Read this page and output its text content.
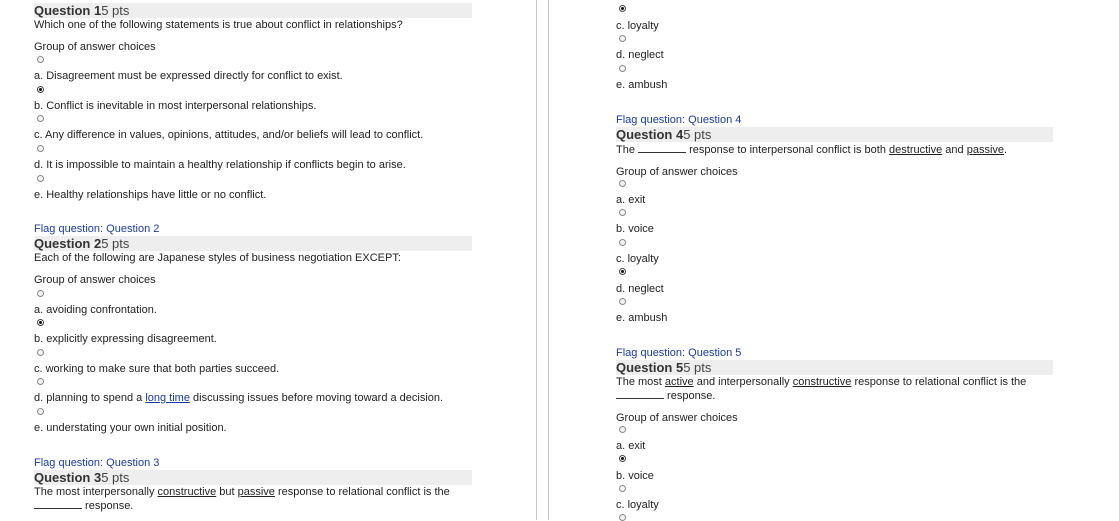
Question 15 pts
Which one of the following statements is true about conflict in relationships?
Group of answer choices
a. Disagreement must be expressed directly for conflict to exist.
b. Conflict is inevitable in most interpersonal relationships.
c. Any difference in values, opinions, attitudes, and/or beliefs will lead to conflict.
d. It is impossible to maintain a healthy relationship if conflicts begin to arise.
e. Healthy relationships have little or no conflict.
Flag question: Question 2
Question 25 pts
Each of the following are Japanese styles of business negotiation EXCEPT:
Group of answer choices
a. avoiding confrontation.
b. explicitly expressing disagreement.
c. working to make sure that both parties succeed.
d. planning to spend a long time discussing issues before moving toward a decision.
e. understating your own initial position.
Flag question: Question 3
Question 35 pts
The most interpersonally constructive but passive response to relational conflict is the
response.
c. loyalty
d. neglect
e. ambush
Flag question: Question 4
Question 45 pts
The	response to interpersonal conflict is both destructive and passive.
Group of answer choices
a. exit
b. voice
c. loyalty
d. neglect
e. ambush
Flag question: Question 5
Question 55 pts
The most active and interpersonally constructive response to relational conflict is the
response.
Group of answer choices
a. exit
b. voice
c. loyalty
